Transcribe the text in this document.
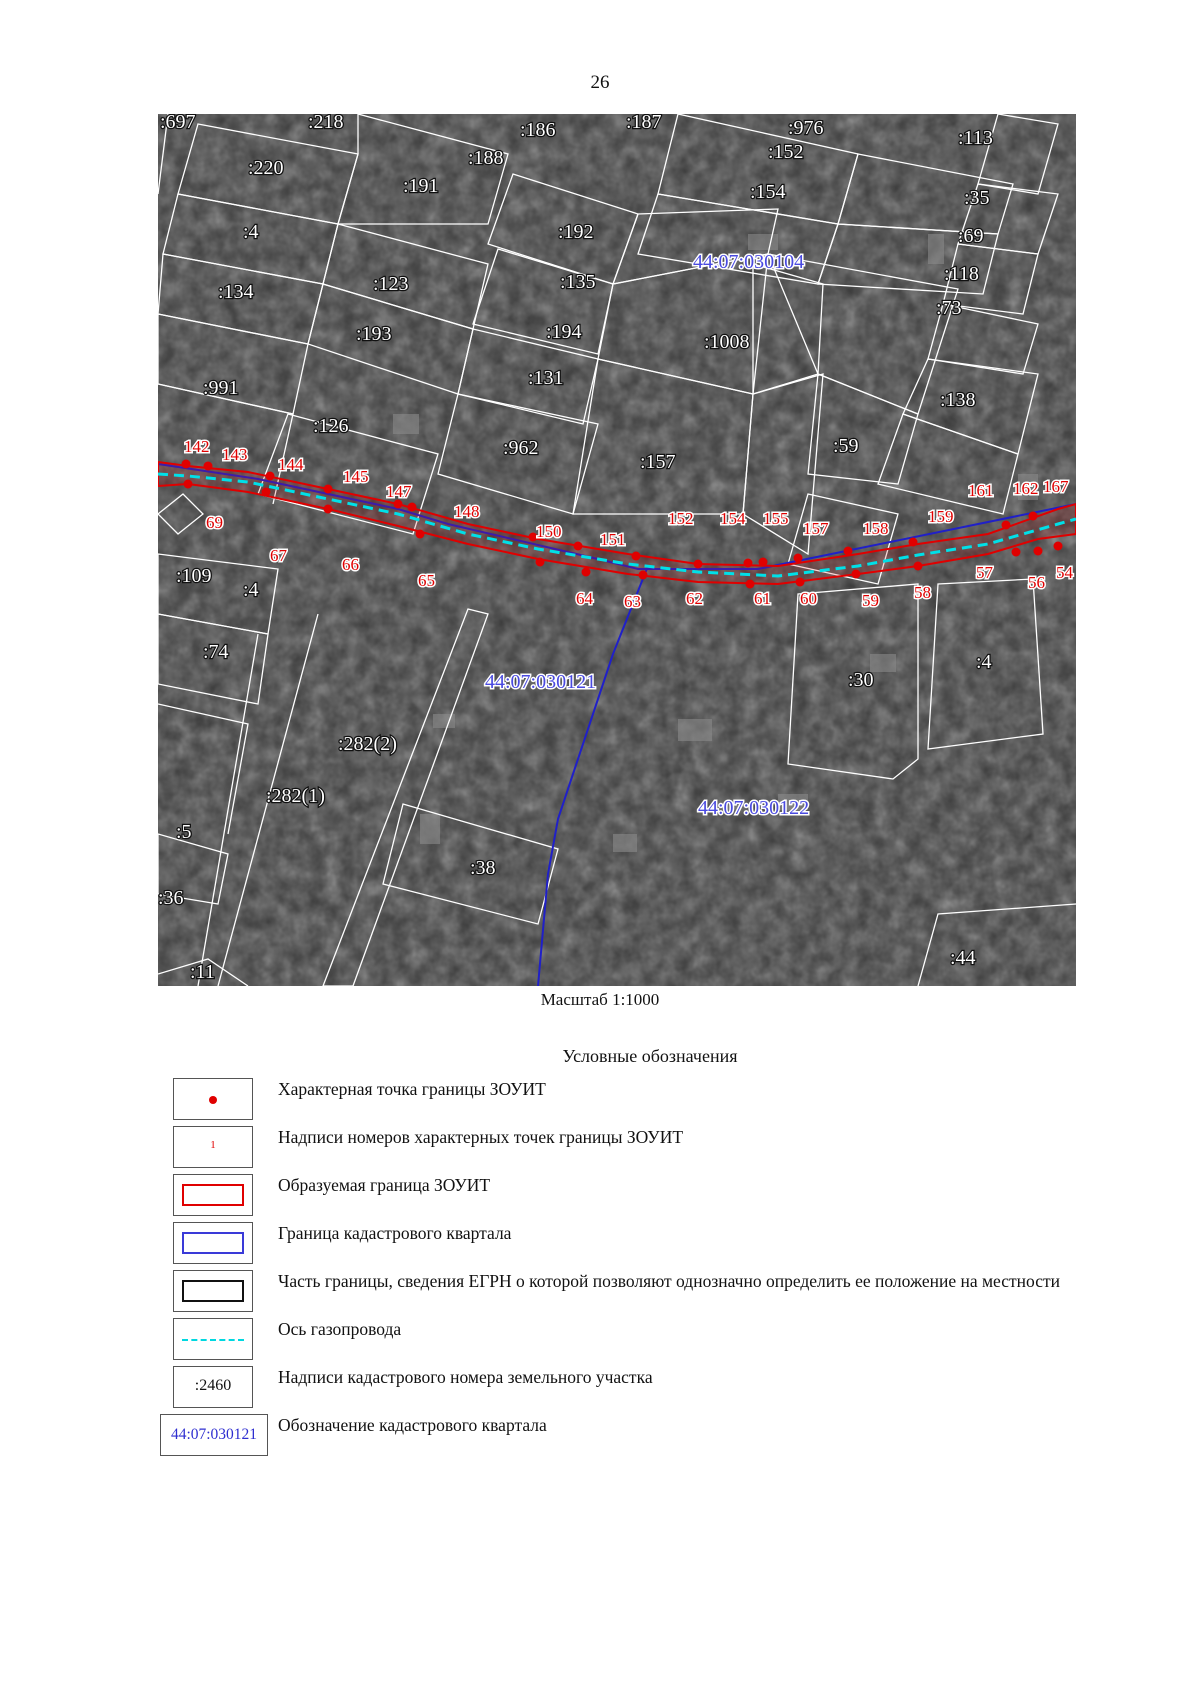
26
142 143
144
145
147
148
150 151
152 154 155
157 158
159
161 162 167
69
67	66
65
64 63	62	61 60	59 58
57
56
54
:697	:218	:186	:187	:976	:113
:220	:188
:191
:152
:154	:35
:4	:192	:69
:134	:123	:135	:118
:73
:193	:194	:1008
:991	:131
:138
:126
:962	:59
:157
:109
:4
:74
:30
:4
:282(2)
:282(1)
:5
:38
:36
:11
:44
44:07:030104
44:07:030121
44:07:030122
Масштаб 1:1000
Условные обозначения
Характерная точка границы ЗОУИТ
1	Надписи номеров характерных точек границы ЗОУИТ
Образуемая граница ЗОУИТ
Граница кадастрового квартала
Часть границы, сведения ЕГРН о которой позволяют однозначно определить ее положение на местности
Ось газопровода
:2460	Надписи кадастрового номера земельного участка
44:07:030121	Обозначение кадастрового квартала
